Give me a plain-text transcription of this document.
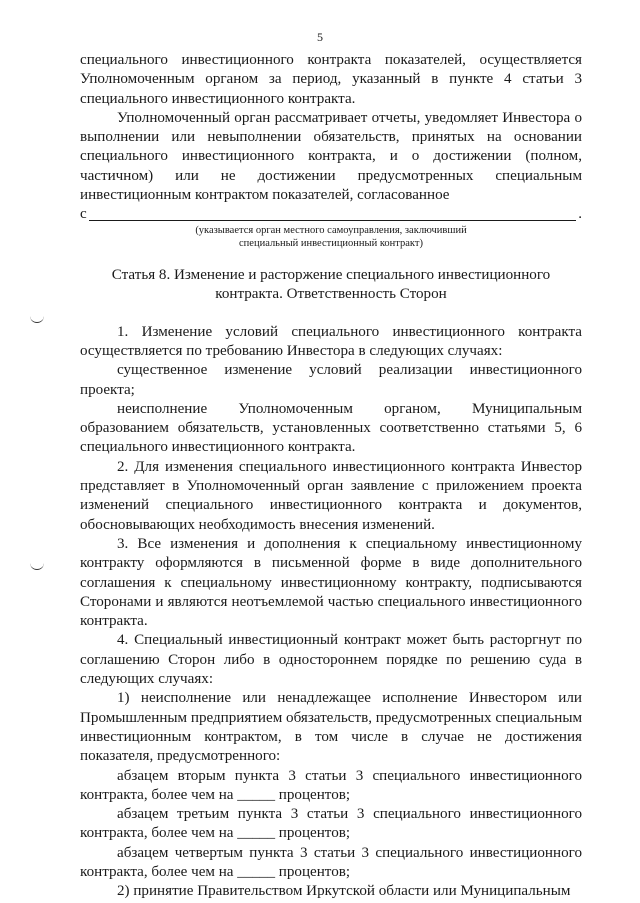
5

специального инвестиционного контракта показателей, осуществляется Уполномоченным органом за период, указанный в пункте 4 статьи 3 специального инвестиционного контракта.

Уполномоченный орган рассматривает отчеты, уведомляет Инвестора о выполнении или невыполнении обязательств, принятых на основании специального инвестиционного контракта, и о достижении (полном, частичном) или не достижении предусмотренных специальным инвестиционным контрактом показателей, согласованное

с	.
(указывается орган местного самоуправления, заключивший
специальный инвестиционный контракт)
Статья 8. Изменение и расторжение специального инвестиционного контракта. Ответственность Сторон

1. Изменение условий специального инвестиционного контракта осуществляется по требованию Инвестора в следующих случаях:

существенное изменение условий реализации инвестиционного проекта;

неисполнение Уполномоченным органом, Муниципальным образованием обязательств, установленных соответственно статьями 5, 6 специального инвестиционного контракта.

2. Для изменения специального инвестиционного контракта Инвестор представляет в Уполномоченный орган заявление с приложением проекта изменений специального инвестиционного контракта и документов, обосновывающих необходимость внесения изменений.

3. Все изменения и дополнения к специальному инвестиционному контракту оформляются в письменной форме в виде дополнительного соглашения к специальному инвестиционному контракту, подписываются Сторонами и являются неотъемлемой частью специального инвестиционного контракта.

4. Специальный инвестиционный контракт может быть расторгнут по соглашению Сторон либо в одностороннем порядке по решению суда в следующих случаях:

1) неисполнение или ненадлежащее исполнение Инвестором или Промышленным предприятием обязательств, предусмотренных специальным инвестиционным контрактом, в том числе в случае не достижения показателя, предусмотренного:

абзацем вторым пункта 3 статьи 3 специального инвестиционного контракта, более чем на _____ процентов;

абзацем третьим пункта 3 статьи 3 специального инвестиционного контракта, более чем на _____ процентов;

абзацем четвертым пункта 3 статьи 3 специального инвестиционного контракта, более чем на _____ процентов;

2) принятие Правительством Иркутской области или Муниципальным
